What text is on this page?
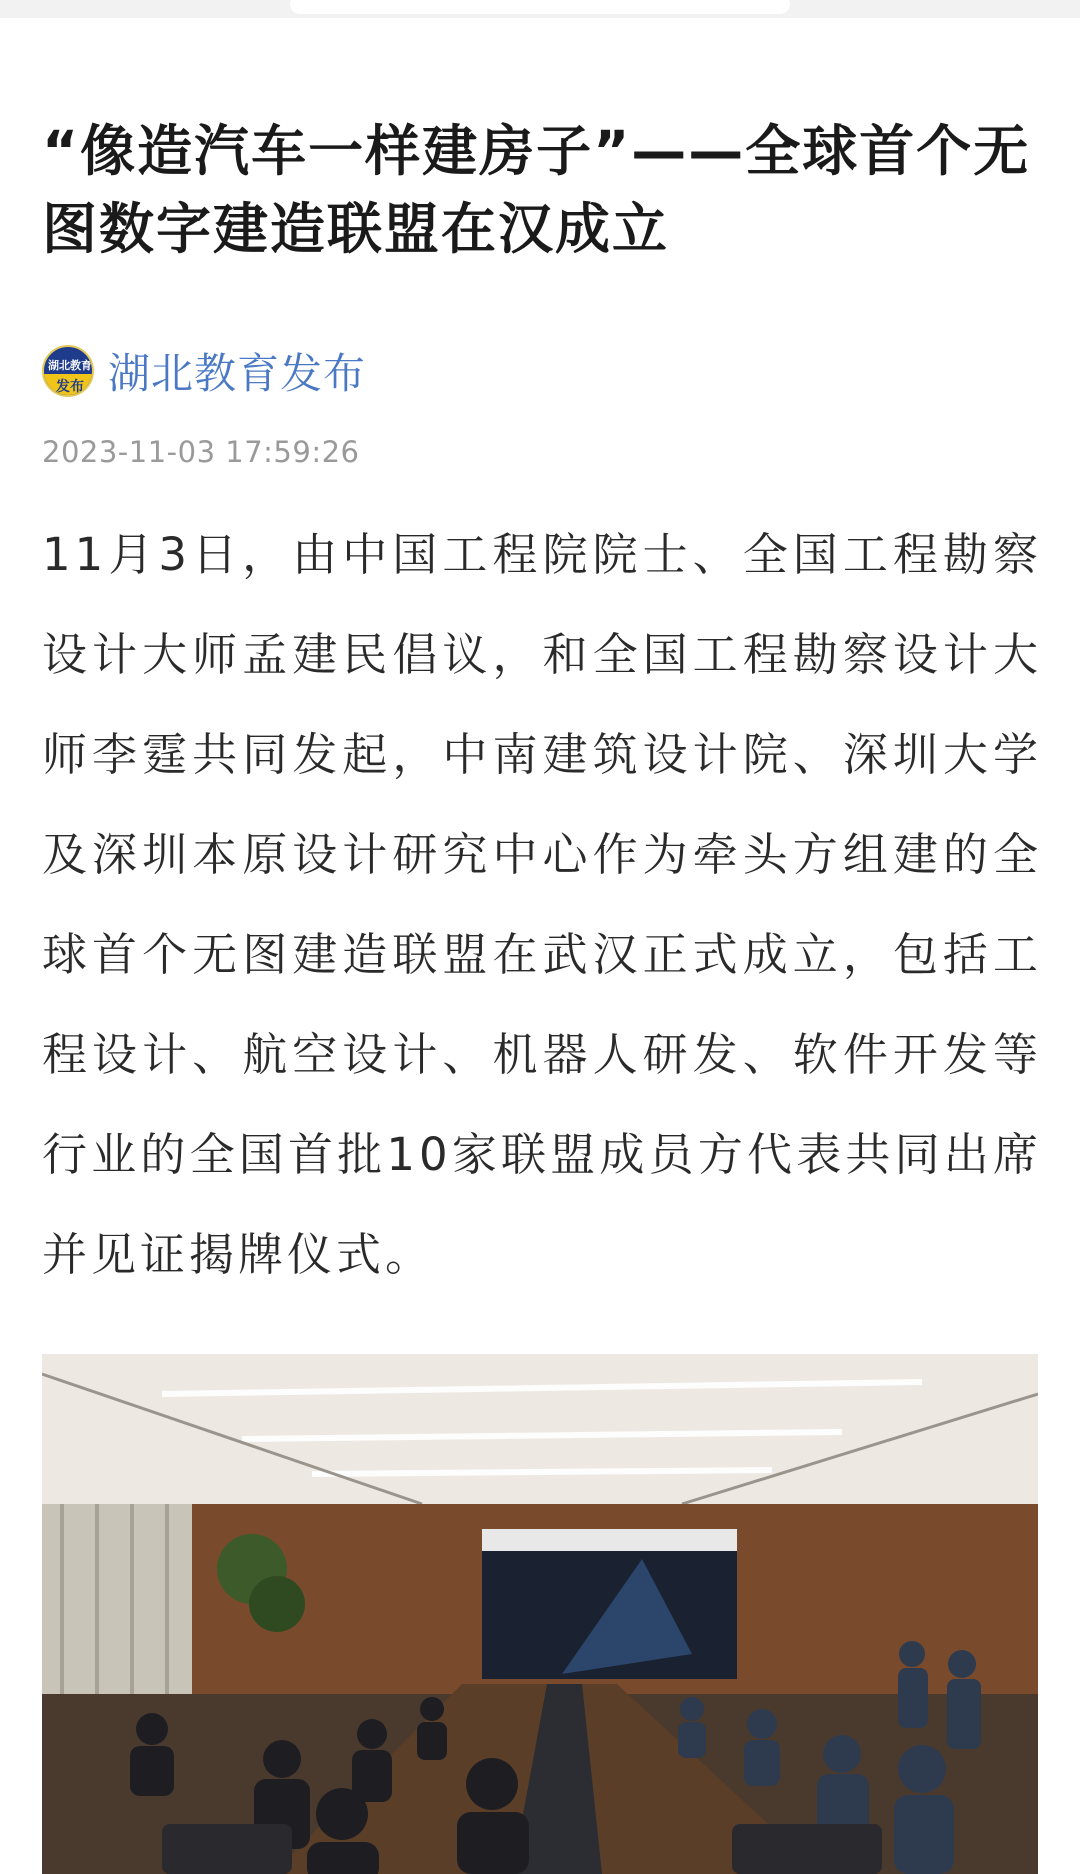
“像造汽车一样建房子”——全球首个无图数字建造联盟在汉成立
湖北教育
发布 湖北教育发布
2023-11-03 17:59:26

11月3日，由中国工程院院士、全国工程勘察设计大师孟建民倡议，和全国工程勘察设计大师李霆共同发起，中南建筑设计院、深圳大学及深圳本原设计研究中心作为牵头方组建的全球首个无图建造联盟在武汉正式成立，包括工程设计、航空设计、机器人研发、软件开发等行业的全国首批10家联盟成员方代表共同出席并见证揭牌仪式。
